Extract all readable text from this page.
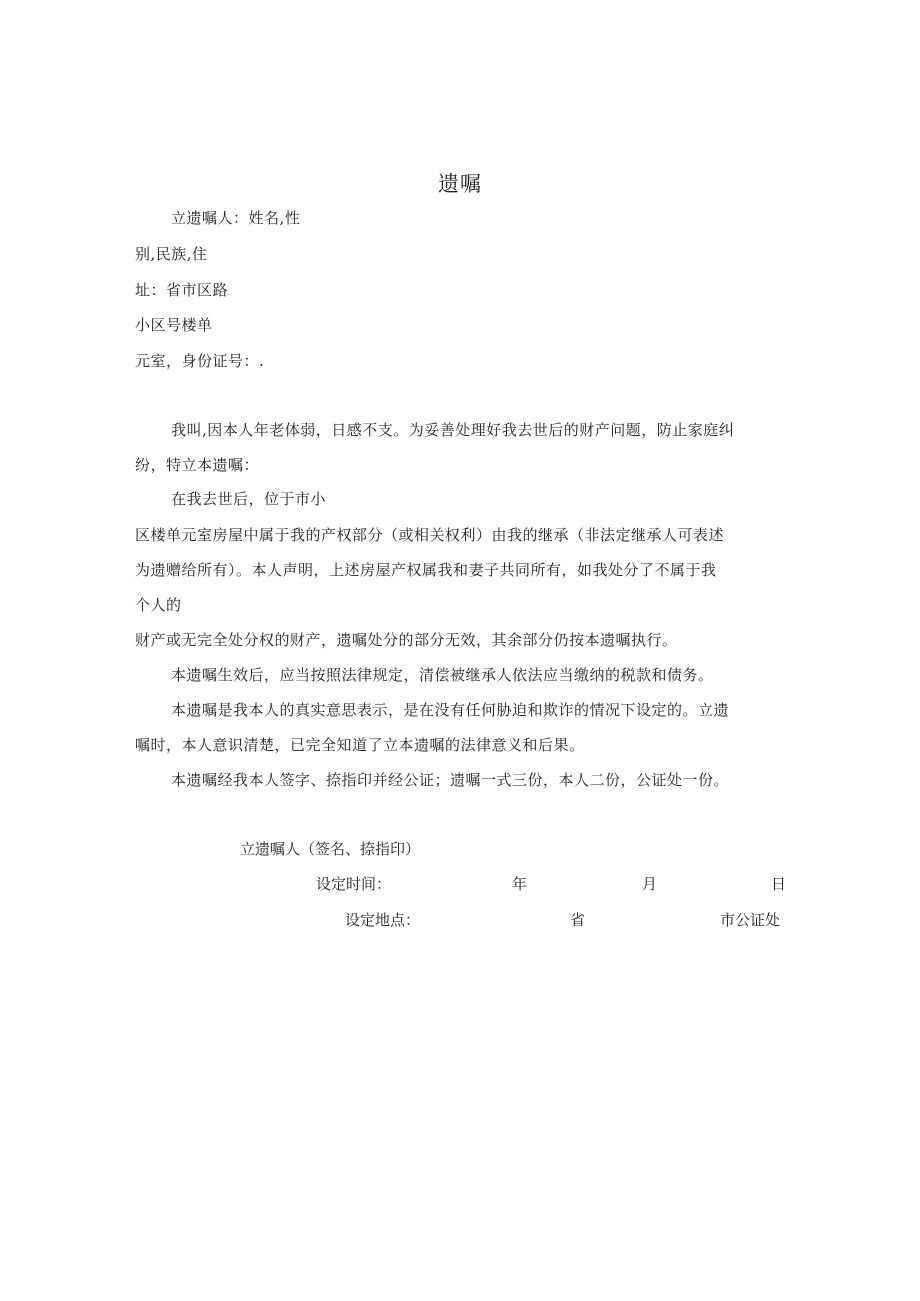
遗嘱
立遗嘱人：姓名,性
别,民族,住
址：省市区路
小区号楼单
元室，身份证号：.
我叫,因本人年老体弱，日感不支。为妥善处理好我去世后的财产问题，防止家庭纠
纷，特立本遗嘱：
在我去世后，位于市小
区楼单元室房屋中属于我的产权部分（或相关权利）由我的继承（非法定继承人可表述
为遗赠给所有）。本人声明，上述房屋产权属我和妻子共同所有，如我处分了不属于我
个人的
财产或无完全处分权的财产，遗嘱处分的部分无效，其余部分仍按本遗嘱执行。
本遗嘱生效后，应当按照法律规定，清偿被继承人依法应当缴纳的税款和债务。
本遗嘱是我本人的真实意思表示，是在没有任何胁迫和欺诈的情况下设定的。立遗
嘱时，本人意识清楚，已完全知道了立本遗嘱的法律意义和后果。
本遗嘱经我本人签字、捺指印并经公证；遗嘱一式三份，本人二份，公证处一份。
立遗嘱人（签名、捺指印）
设定时间：	年	月	日
设定地点：	省	市公证处
